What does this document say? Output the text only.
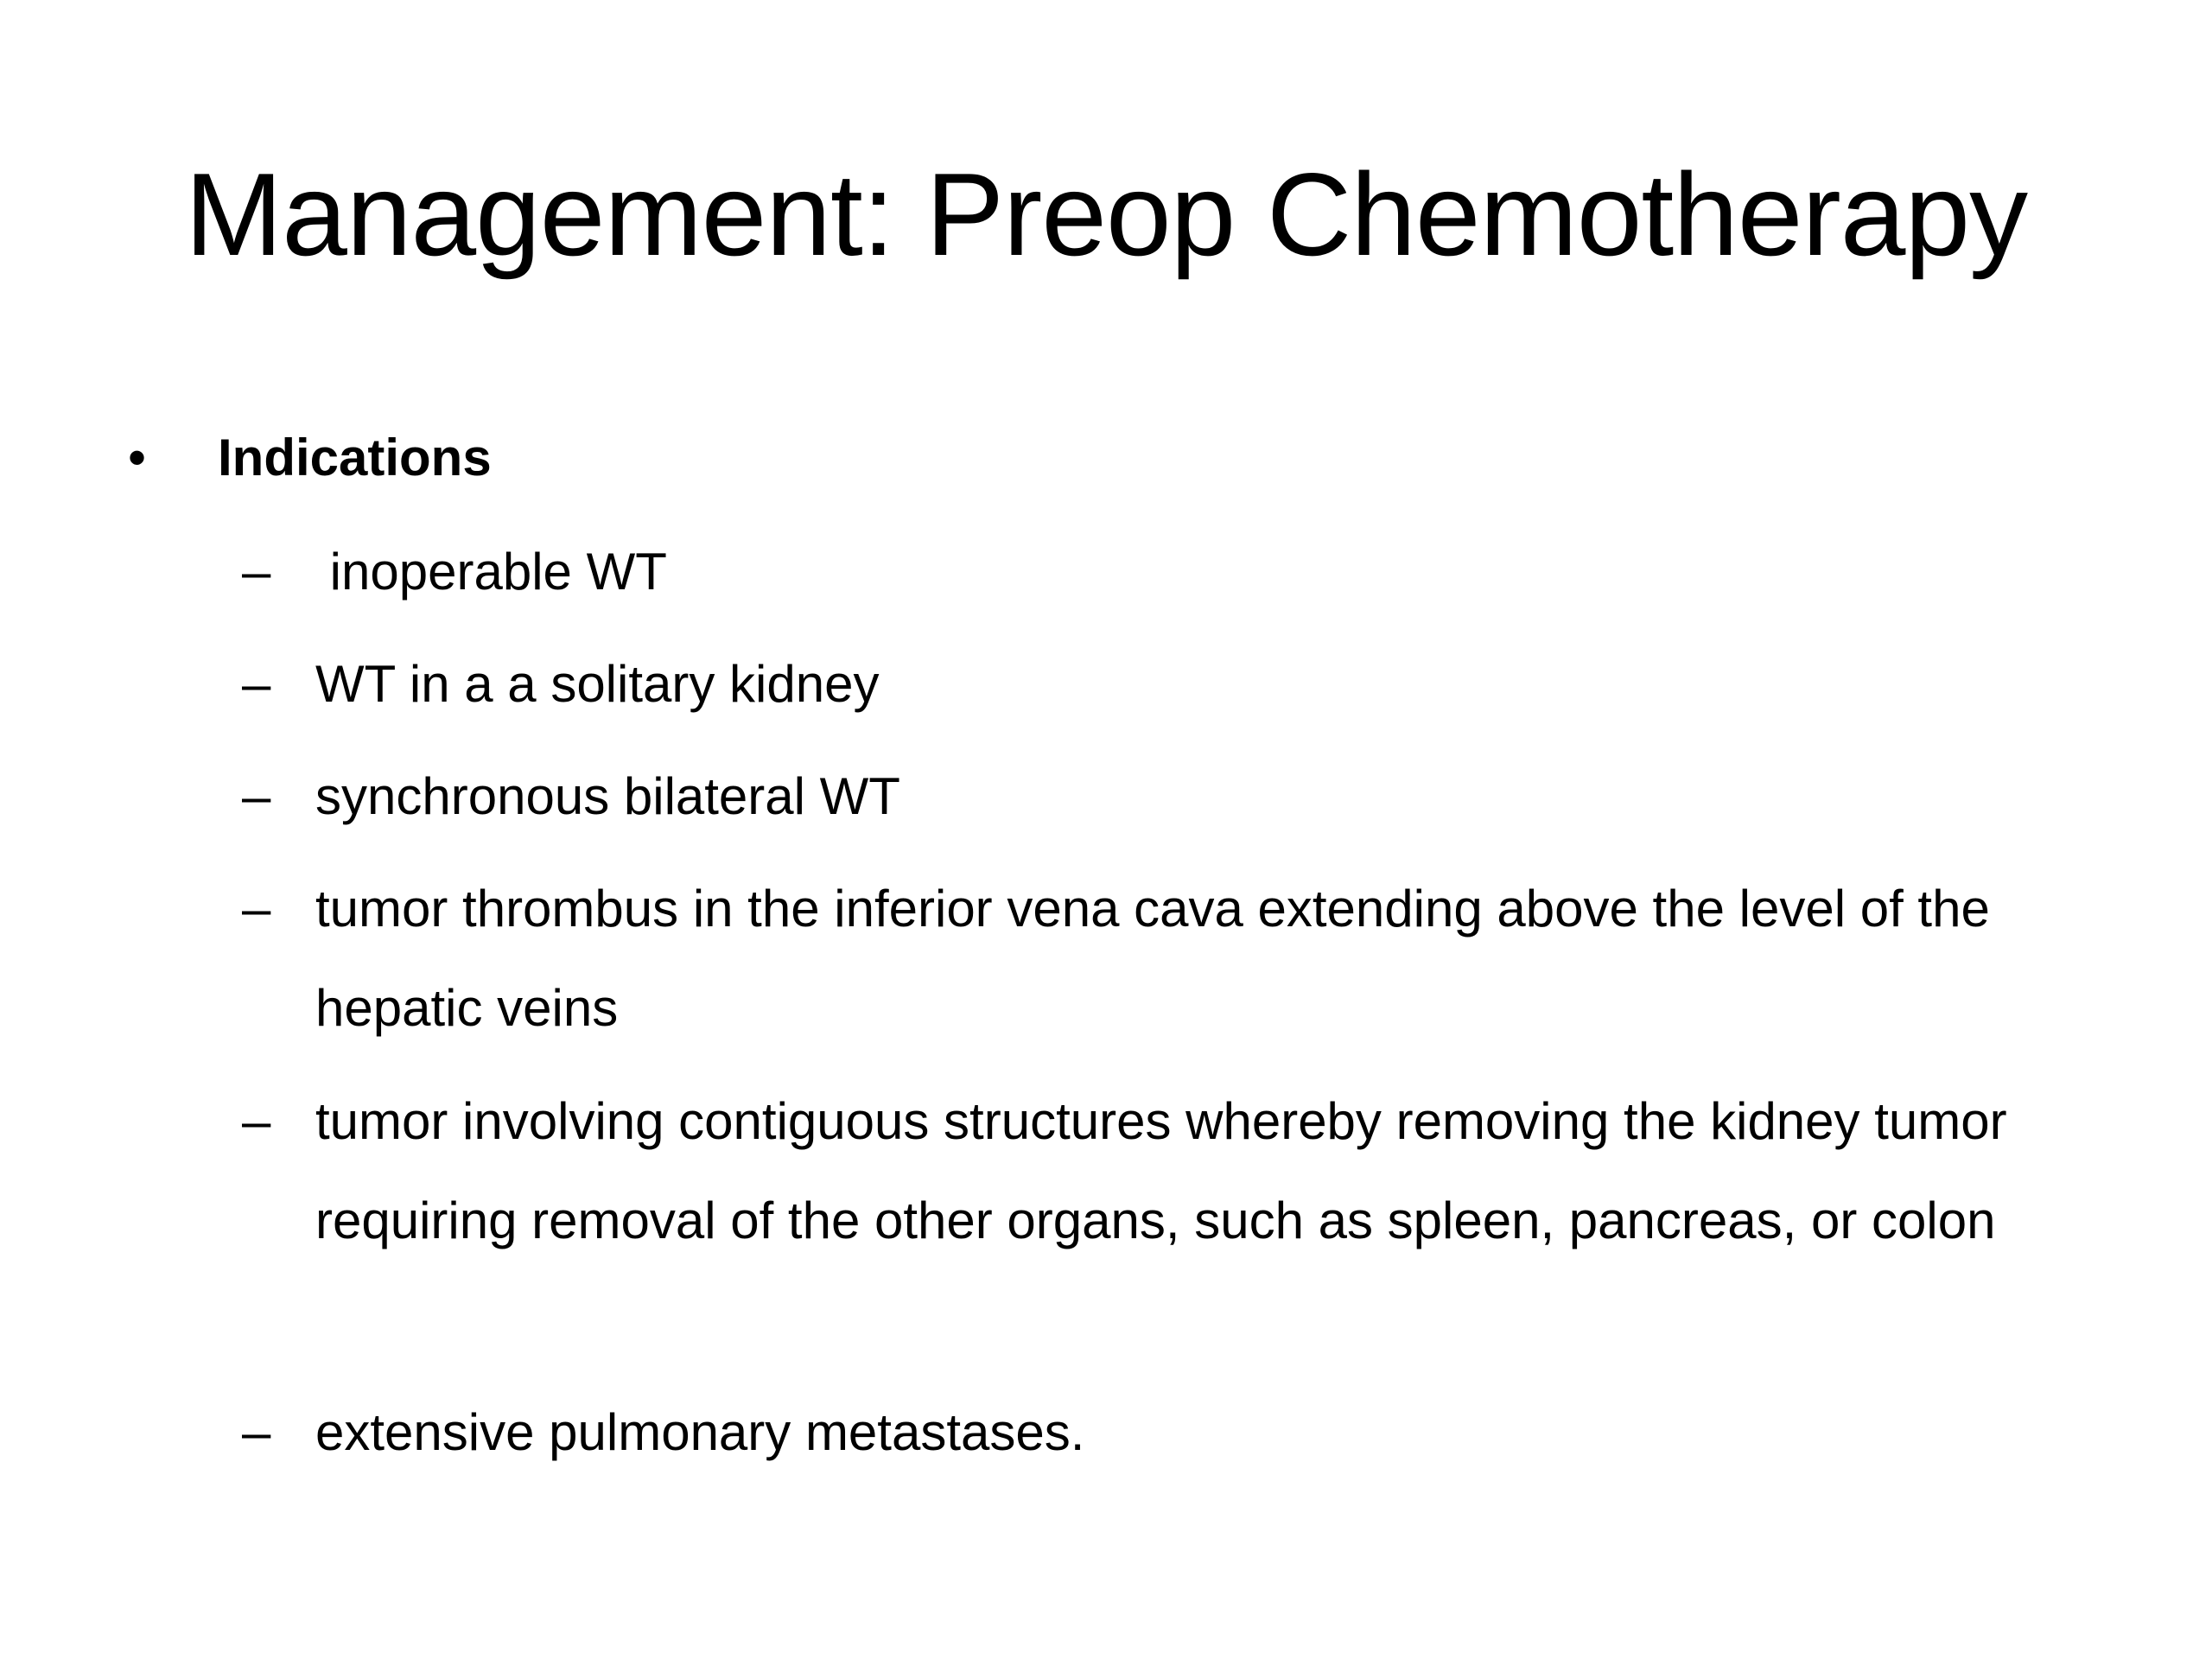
Management: Preop Chemotherapy
•	Indications
– inoperable WT
– WT in a a solitary kidney
– synchronous bilateral WT
– tumor thrombus in the inferior vena cava extending above the level of the hepatic veins
– tumor involving contiguous structures whereby removing the kidney tumor requiring removal of the other organs, such as spleen, pancreas, or colon
– extensive pulmonary metastases.
